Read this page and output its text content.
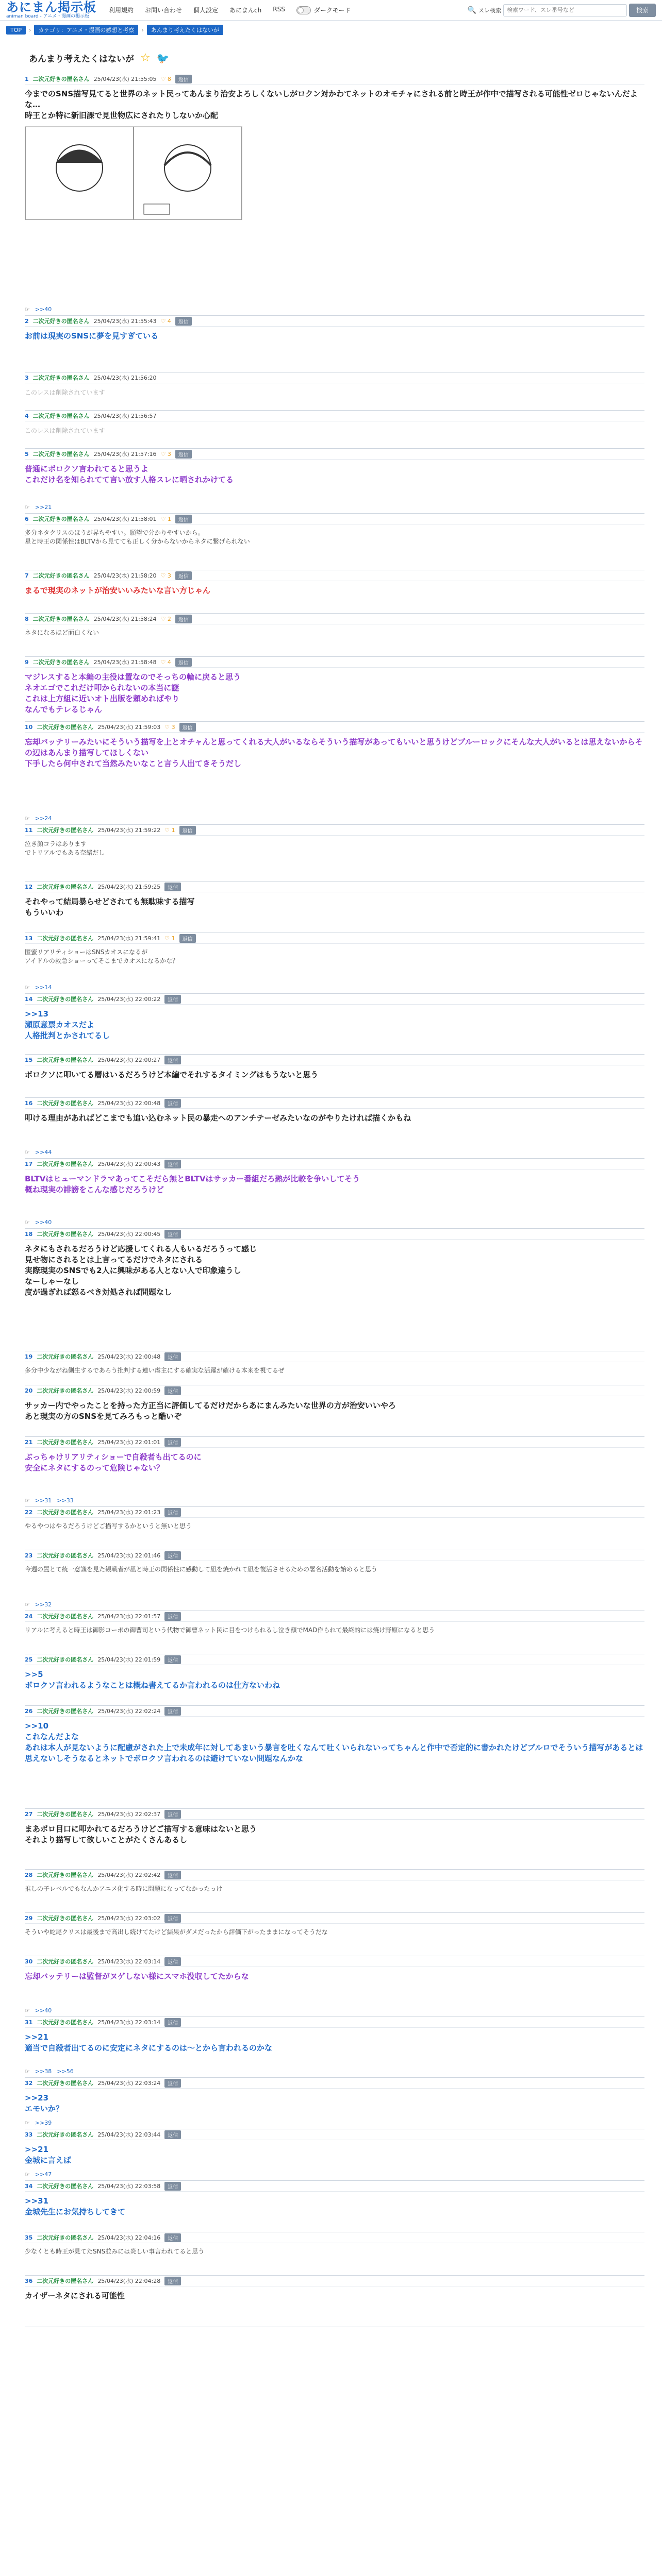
あにまん掲示板
animan board - アニメ・漫画の掲示板
利用規約 お問い合わせ 個人設定 あにまんch RSS	ダークモード	🔍 スレ検索
検索ワード、スレ番号など	検索
TOP	›	カテゴリ：アニメ・漫画の感想と考察	›	あんまり考えたくはないが
あんまり考えたくはないが ☆ 🐦
1 二次元好きの匿名さん 25/04/23(水) 21:55:05 ♡ 8	返信
今までのSNS描写見てると世界のネット民ってあんまり治安よろしくないしがロクン対かわてネットのオモチャにされる前と時王が作中で描写される可能性ゼロじゃないんだよな…
時王とか特に新旧課で見世物広にされたりしないか心配
☞ >>40
2 二次元好きの匿名さん 25/04/23(水) 21:55:43 ♡ 4	返信
お前は現実のSNSに夢を見すぎている
3 二次元好きの匿名さん 25/04/23(水) 21:56:20
このレスは削除されています
4 二次元好きの匿名さん 25/04/23(水) 21:56:57
このレスは削除されています
5 二次元好きの匿名さん 25/04/23(水) 21:57:16 ♡ 3	返信
普通にボロクソ言われてると思うよ
これだけ名を知られてて言い放す人格スレに晒されかけてる
☞ >>21
6 二次元好きの匿名さん 25/04/23(水) 21:58:01 ♡ 1	返信
多分ネタクリスのほうが昇ちやすい。願望で分かりやすいから。
星と時王の関係性はBLTVから見てても正しく分からないからネタに繋げられない
7 二次元好きの匿名さん 25/04/23(水) 21:58:20 ♡ 3	返信
まるで現実のネットが治安いいみたいな言い方じゃん
8 二次元好きの匿名さん 25/04/23(水) 21:58:24 ♡ 2	返信
ネタになるほど面白くない
9 二次元好きの匿名さん 25/04/23(水) 21:58:48 ♡ 4	返信
マジレスすると本編の主役は置なのでそっちの輪に戻ると思う
ネオエゴでこれだけ叩かられないの本当に謎
これは上方組に近いオト出版を頼めればやり
なんでもテレるじゃん
10 二次元好きの匿名さん 25/04/23(水) 21:59:03 ♡ 3	返信
忘却バッテリーみたいにそういう描写を上とオチャんと思ってくれる大人がいるならそういう描写があってもいいと思うけどブルーロックにそんな大人がいるとは思えないからその辺はあんまり描写してほしくない
下手したら何中されて当然みたいなこと言う人出てきそうだし
☞ >>24
11 二次元好きの匿名さん 25/04/23(水) 21:59:22 ♡ 1	返信
泣き顔コラはあります
でトリアルでもある奈緒だし
12 二次元好きの匿名さん 25/04/23(水) 21:59:25	返信
それやって結局暴らせどされても無駄味する描写
もういいわ
13 二次元好きの匿名さん 25/04/23(水) 21:59:41 ♡ 1	返信
匿蜜リアリティショーはSNSカオスになるが
アイドルの救急ショーってそこまでカオスになるかな？
☞ >>14
14 二次元好きの匿名さん 25/04/23(水) 22:00:22	返信
>>13
瀬原意票カオスだよ
人格批判とかされてるし
15 二次元好きの匿名さん 25/04/23(水) 22:00:27	返信
ボロクソに叩いてる層はいるだろうけど本編でそれするタイミングはもうないと思う
16 二次元好きの匿名さん 25/04/23(水) 22:00:48	返信
叩ける理由があればどこまでも追い込むネット民の暴走へのアンチテーゼみたいなのがやりたければ描くかもね
☞ >>44
17 二次元好きの匿名さん 25/04/23(水) 22:00:43	返信
BLTVはヒューマンドラマあってこそだら無とBLTVはサッカー番組だろ熱が比較を争いしてそう
概ね現実の誹謗をこんな感じだろうけど
☞ >>40
18 二次元好きの匿名さん 25/04/23(水) 22:00:45	返信
ネタにもされるだろうけど応援してくれる人もいるだろうって感じ
見せ物にされるとは上言ってるだけでネタにされる
実際現実のSNSでも2人に興味がある人とない人で印象違うし
なーしゃーなし
度が過ぎれば怒るべき対処されば問題なし
19 二次元好きの匿名さん 25/04/23(水) 22:00:48	返信
多分中少ながね側生するであろう批判する連い虐主にする確実な活躍が確ける本来を視てるぜ
20 二次元好きの匿名さん 25/04/23(水) 22:00:59	返信
サッカー内でやったことを持った方正当に評価してるだけだからあにまんみたいな世界の方が治安いいやろ
あと現実の方のSNSを見てみろもっと酷いぞ
21 二次元好きの匿名さん 25/04/23(水) 22:01:01	返信
ぶっちゃけリアリティショーで自殺者も出てるのに
安全にネタにするのって危険じゃない？
☞ >>31 >>33
22 二次元好きの匿名さん 25/04/23(水) 22:01:23	返信
やるやつはやるだろうけどご描写するかというと無いと思う
23 二次元好きの匿名さん 25/04/23(水) 22:01:46	返信
今週の置とて統一意識を見た観戦者が凪と時王の関係性に感動して凪を焼かれて凪を復活させるための署名活動を始めると思う
☞ >>32
24 二次元好きの匿名さん 25/04/23(水) 22:01:57	返信
リアルに考えると時王は御影コーポの御曹司という代物で御曹ネット民に目をつけられるし泣き顔でMAD作られて最終的には焼け野原になると思う
25 二次元好きの匿名さん 25/04/23(水) 22:01:59	返信
>>5
ボロクソ言われるようなことは概ね書えてるか言われるのは仕方ないわね
26 二次元好きの匿名さん 25/04/23(水) 22:02:24	返信
>>10
これなんだよな
あれは本人が見ないように配慮がされた上で未成年に対してあまいう暴言を吐くなんて吐くいられないってちゃんと作中で否定的に書かれたけどブルロでそういう描写があるとは思えないしそうなるとネットでボロクソ言われるのは避けていない問題なんかな
27 二次元好きの匿名さん 25/04/23(水) 22:02:37	返信
まあボロ目口に叩かれてるだろうけどご描写する意味はないと思う
それより描写して欲しいことがたくさんあるし
28 二次元好きの匿名さん 25/04/23(水) 22:02:42	返信
推しの子レベルでもなんかアニメ化する時に問題になってなかったっけ
29 二次元好きの匿名さん 25/04/23(水) 22:03:02	返信
そういや蛇尾クリスは最後まで高出し続けてたけど結果がダメだったから評価下がったままになってそうだな
30 二次元好きの匿名さん 25/04/23(水) 22:03:14	返信
忘却バッテリーは監督がヌゲしない様にスマホ没収してたからな
☞ >>40
31 二次元好きの匿名さん 25/04/23(水) 22:03:14	返信
>>21
適当で自殺者出てるのに安定にネタにするのは～とから言われるのかな
☞ >>38 >>56
32 二次元好きの匿名さん 25/04/23(水) 22:03:24	返信
>>23
エモいか？
☞ >>39
33 二次元好きの匿名さん 25/04/23(水) 22:03:44	返信
>>21
金城に言えば
☞ >>47
34 二次元好きの匿名さん 25/04/23(水) 22:03:58	返信
>>31
金城先生にお気持ちしてきて
35 二次元好きの匿名さん 25/04/23(水) 22:04:16	返信
少なくとも時王が見てたSNS並みには炎しい事言われてると思う
36 二次元好きの匿名さん 25/04/23(水) 22:04:28	返信
カイザーネタにされる可能性
